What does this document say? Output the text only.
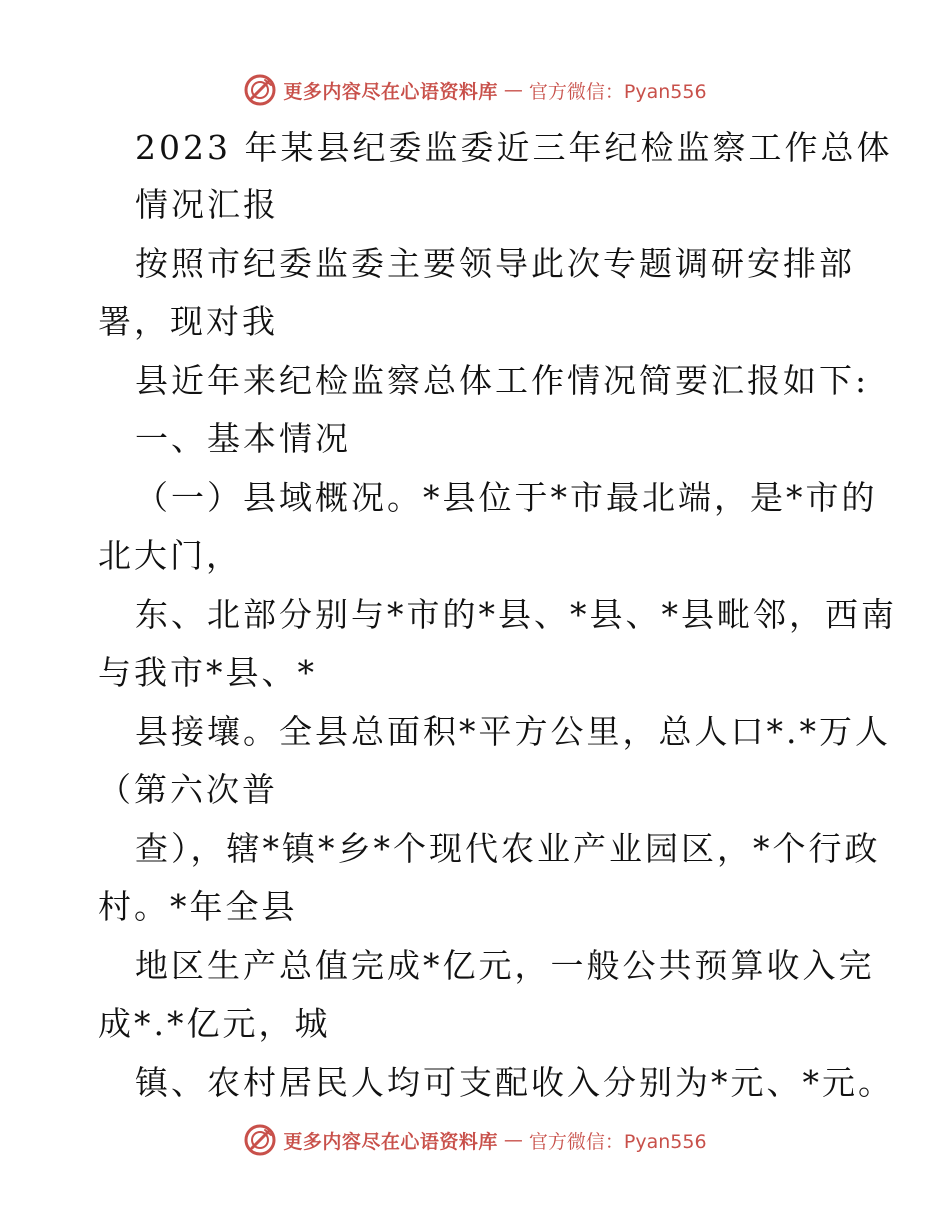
更多内容尽在心语资料库 — 官方微信：Pyan556
2023 年某县纪委监委近三年纪检监察工作总体
情况汇报
按照市纪委监委主要领导此次专题调研安排部
署，现对我
县近年来纪检监察总体工作情况简要汇报如下:
一、基本情况
（一）县域概况。*县位于*市最北端，是*市的
北大门，
东、北部分别与*市的*县、*县、*县毗邻，西南
与我市*县、*
县接壤。全县总面积*平方公里，总人口*.*万人
（第六次普
查），辖*镇*乡*个现代农业产业园区，*个行政
村。*年全县
地区生产总值完成*亿元，一般公共预算收入完
成*.*亿元，城
镇、农村居民人均可支配收入分别为*元、*元。
更多内容尽在心语资料库 — 官方微信：Pyan556
